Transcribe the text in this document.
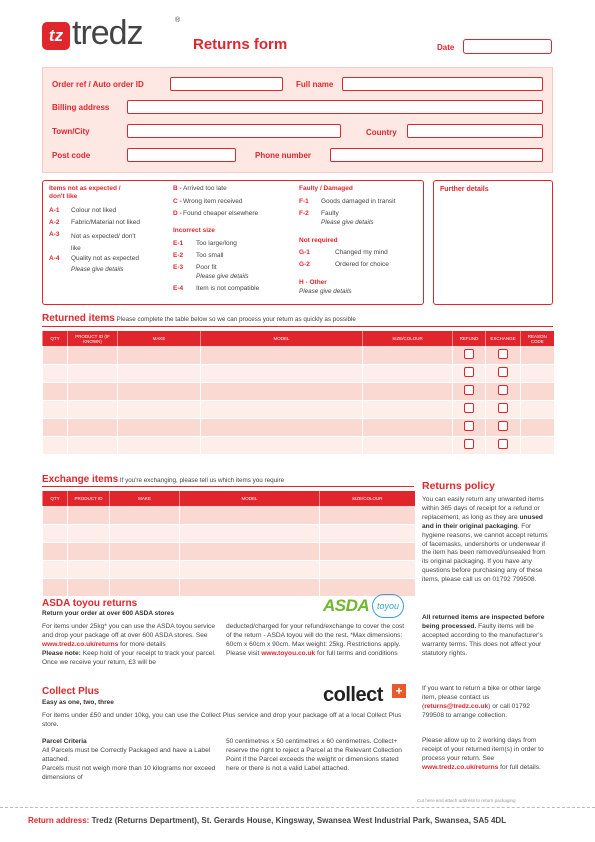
tz tredz	®
Returns form	Date
Order ref / Auto order ID	Full name
Billing address
Town/City	Country
Post code	Phone number
Items not as expected / don't like
A-1 Colour not liked
A-2 Fabric/Material not liked
A-3 Not as expected/ don't like
A-4 Quality not as expected
Please give details
B - Arrived too late
C - Wrong item received
D - Found cheaper elsewhere
Incorrect size
E-1 Too large/long
E-2 Too small
E-3 Poor fit
Please give details
E-4 Item is not compatible
Faulty / Damaged
F-1 Goods damaged in transit
F-2 Faulty
Please give details
Not required
G-1	Changed my mind
G-2	Ordered for choice
H - Other
Please give details
Further details
Returned items Please complete the table below so we can process your return as quickly as possible
QTY	PRODUCT ID (IF KNOWN)	MAKE	MODEL	SIZE/COLOUR	REFUND	EXCHANGE	REASON CODE

Exchange items If you're exchanging, please tell us which items you require
QTY	PRODUCT ID	MAKE	MODEL	SIZE/COLOUR

ASDA toyou returns
Return your order at over 600 ASDA stores	ASDA toyou
For items under 25kg* you can use the ASDA toyou service and drop your package off at over 600 ASDA stores. See www.tredz.co.uk/returns for more details
Please note: Keep hold of your receipt to track your parcel. Once we receive your return, £3 will be
deducted/charged for your refund/exchange to cover the cost of the return - ASDA toyou will do the rest. *Max dimensions: 60cm x 60cm x 90cm. Max weight: 25kg. Restrictions apply. Please visit www.toyou.co.uk for full terms and conditions
Collect Plus
Easy as one, two, three	collect +
For items under £50 and under 10kg, you can use the Collect Plus service and drop your package off at a local Collect Plus store.
Parcel Criteria
All Parcels must be Correctly Packaged and have a Label attached.
Parcels must not weigh more than 10 kilograms nor exceed dimensions of
50 centimetres x 50 centimetres x 60 centimetres. Collect+ reserve the right to reject a Parcel at the Relevant Collection Point if the Parcel exceeds the weight or dimensions stated here or there is not a valid Label attached.
Returns policy
You can easily return any unwanted items within 365 days of receipt for a refund or replacement, as long as they are unused and in their original packaging. For hygiene reasons, we cannot accept returns of facemasks, undershorts or underwear if the item has been removed/unsealed from its original packaging. If you have any questions before purchasing any of these items, please call us on 01792 799508.
All returned items are inspected before being processed. Faulty items will be accepted according to the manufacturer's warranty terms. This does not affect your statutory rights.
If you want to return a bike or other large item, please contact us (returns@tredz.co.uk) or call 01792 799508 to arrange collection.
Please allow up to 2 working days from receipt of your returned item(s) in order to process your return. See www.tredz.co.uk/returns for full details.
Cut here and attach address to return packaging
Return address: Tredz (Returns Department), St. Gerards House, Kingsway, Swansea West Industrial Park, Swansea, SA5 4DL
